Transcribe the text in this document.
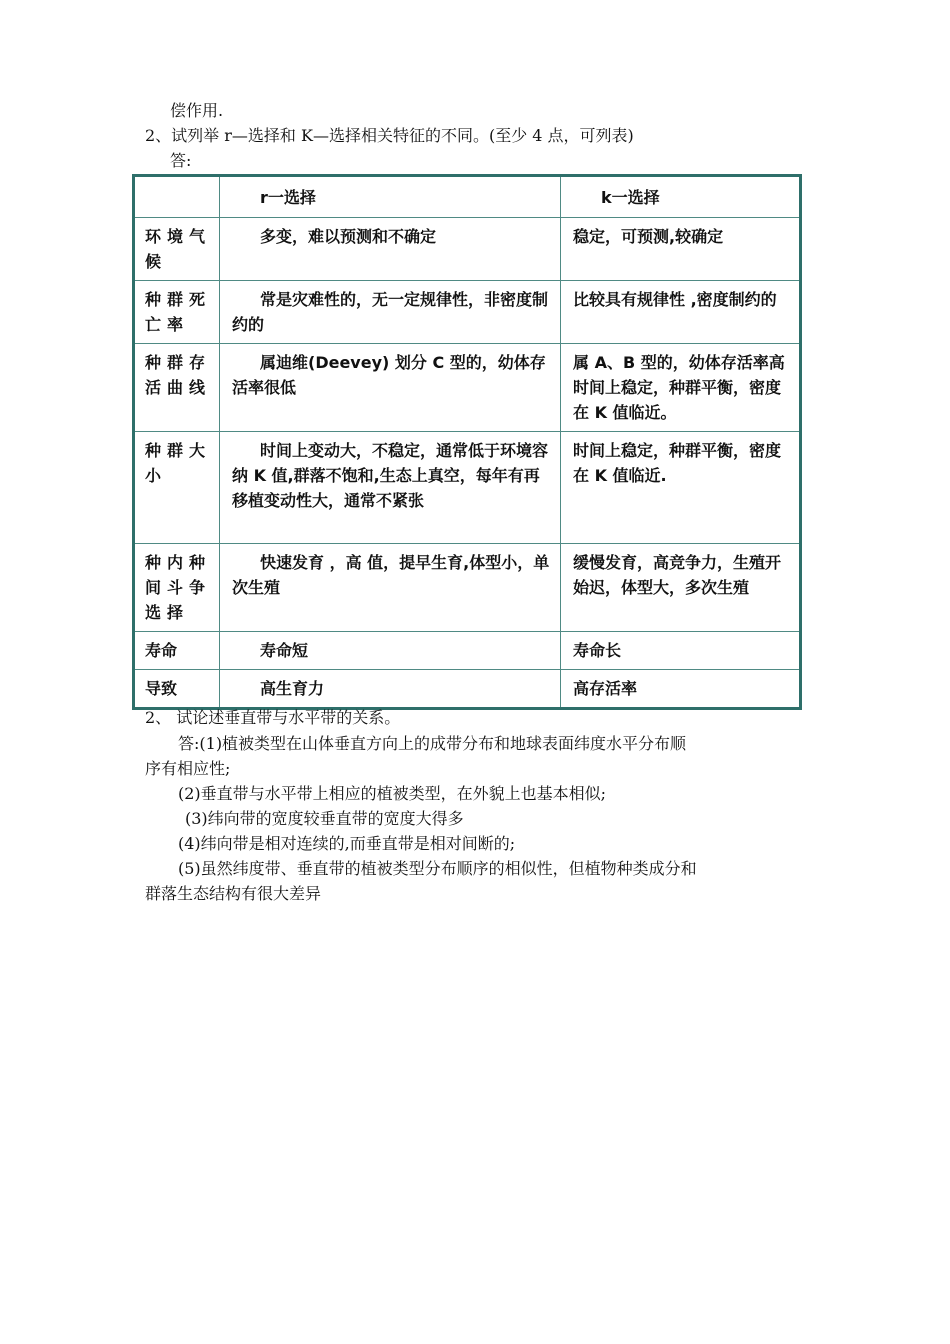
偿作用.
2、试列举 r—选择和 K—选择相关特征的不同。(至少 4 点，可列表)
答:
	r一选择	k一选择
环境气候	多变，难以预测和不确定	稳定，可预测,较确定
种群死亡率	常是灾难性的，无一定规律性，非密度制约的	比较具有规律性 ,密度制约的
种群存活曲线	属迪维(Deevey) 划分 C 型的，幼体存活率很低	属 A、B 型的，幼体存活率高时间上稳定，种群平衡，密度在 K 值临近。
种群大小	时间上变动大，不稳定，通常低于环境容纳 K 值,群落不饱和,生态上真空，每年有再移植变动性大，通常不紧张	时间上稳定，种群平衡，密度在 K 值临近.
种内种间斗争选择	快速发育 ，高 值，提早生育,体型小，单次生殖	缓慢发育，高竞争力，生殖开始迟，体型大，多次生殖
寿命	寿命短	寿命长
导致	高生育力	高存活率
2、 试论述垂直带与水平带的关系。
答:(1)植被类型在山体垂直方向上的成带分布和地球表面纬度水平分布顺
序有相应性;
(2)垂直带与水平带上相应的植被类型，在外貌上也基本相似;
(3)纬向带的宽度较垂直带的宽度大得多
(4)纬向带是相对连续的,而垂直带是相对间断的;
(5)虽然纬度带、垂直带的植被类型分布顺序的相似性，但植物种类成分和
群落生态结构有很大差异
